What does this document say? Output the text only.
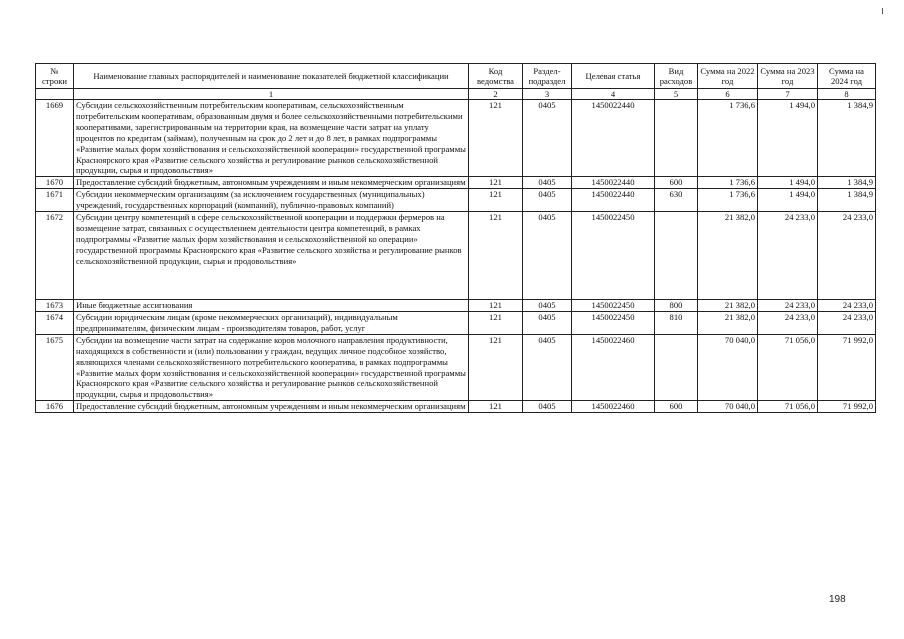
№ строки	Наименование главных распорядителей и наименование показателей бюджетной классификации	Код ведомства	Раздел-подраздел	Целевая статья	Вид расходов	Сумма на 2022 год	Сумма на 2023 год	Сумма на 2024 год
	1	2	3	4	5	6	7	8
1669	Субсидии сельскохозяйственным потребительским кооперативам, сельскохозяйственным потребительским кооперативам, образованным двумя и более сельскохозяйственными потребительскими кооперативами, зарегистрированным на территории края, на возмещение части затрат на уплату процентов по кредитам (займам), полученным на срок до 2 лет и до 8 лет, в рамках подпрограммы «Развитие малых форм хозяйствования и сельскохозяйственной кооперации» государственной программы Красноярского края «Развитие сельского хозяйства и регулирование рынков сельскохозяйственной продукции, сырья и продовольствия»	121	0405	1450022440		1 736,6	1 494,0	1 384,9
1670	Предоставление субсидий бюджетным, автономным учреждениям и иным некоммерческим организациям	121	0405	1450022440	600	1 736,6	1 494,0	1 384,9
1671	Субсидии некоммерческим организациям (за исключением государственных (муниципальных) учреждений, государственных корпораций (компаний), публично-правовых компаний)	121	0405	1450022440	630	1 736,6	1 494,0	1 384,9
1672	Субсидии центру компетенций в сфере сельскохозяйственной кооперации и поддержки фермеров на возмещение затрат, связанных с осуществлением деятельности центра компетенций, в рамках подпрограммы «Развитие малых форм хозяйствования и сельскохозяйственной ко операции» государственной программы Красноярского края «Развитие сельского хозяйства и регулирование рынков сельскохозяйственной продукции, сырья и продовольствия»	121	0405	1450022450		21 382,0	24 233,0	24 233,0
1673	Иные бюджетные ассигнования	121	0405	1450022450	800	21 382,0	24 233,0	24 233,0
1674	Субсидии юридическим лицам (кроме некоммерческих организаций), индивидуальным предпринимателям, физическим лицам - производителям товаров, работ, услуг	121	0405	1450022450	810	21 382,0	24 233,0	24 233,0
1675	Субсидии на возмещение части затрат на содержание коров молочного направления продуктивности, находящихся в собственности и (или) пользовании у граждан, ведущих личное подсобное хозяйство, являющихся членами сельскохозяйственного потребительского кооператива, в рамках подпрограммы «Развитие малых форм хозяйствования и сельскохозяйственной кооперации» государственной программы Красноярского края «Развитие сельского хозяйства и регулирование рынков сельскохозяйственной продукции, сырья и продовольствия»	121	0405	1450022460		70 040,0	71 056,0	71 992,0
1676	Предоставление субсидий бюджетным, автономным учреждениям и иным некоммерческим организациям	121	0405	1450022460	600	70 040,0	71 056,0	71 992,0
198
